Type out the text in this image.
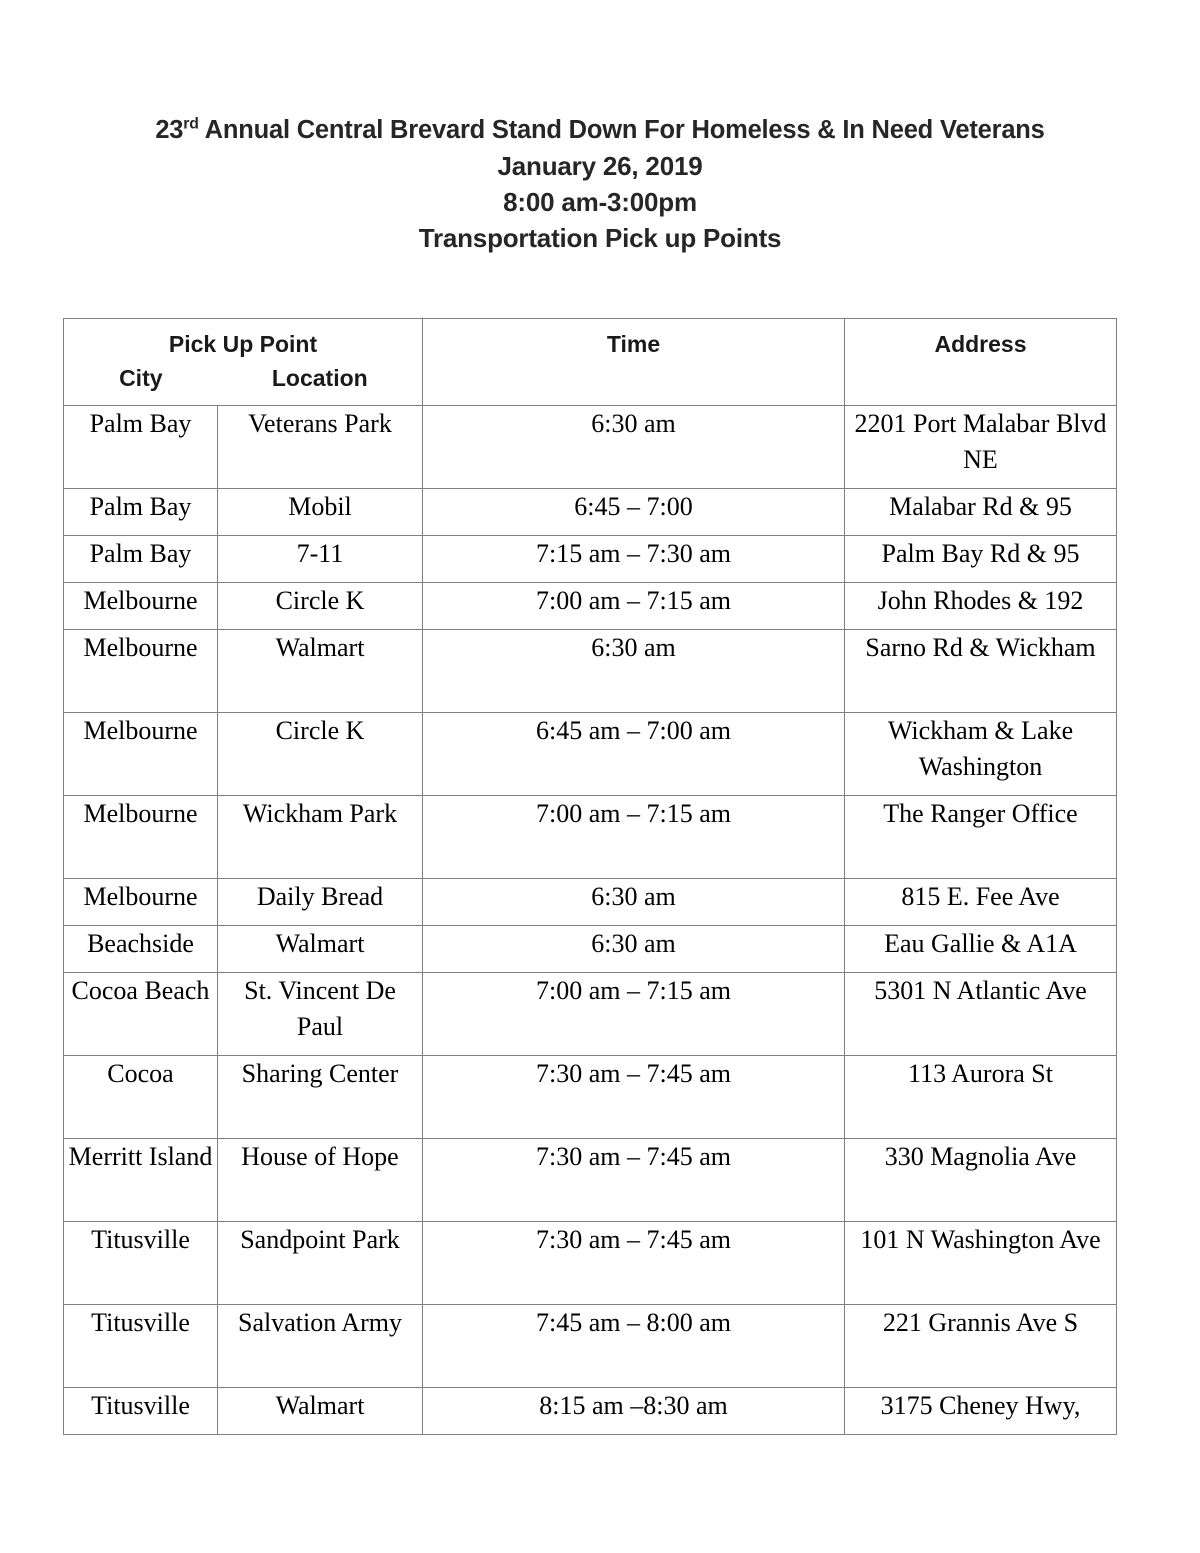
23rd Annual Central Brevard Stand Down For Homeless & In Need Veterans
January 26, 2019
8:00 am-3:00pm
Transportation Pick up Points
Pick Up Point
City Location		Time	Address
Palm Bay	Veterans Park	6:30 am	2201 Port Malabar Blvd NE
Palm Bay	Mobil	6:45 – 7:00	Malabar Rd & 95
Palm Bay	7-11	7:15 am – 7:30 am	Palm Bay Rd & 95
Melbourne	Circle K	7:00 am – 7:15 am	John Rhodes & 192
Melbourne	Walmart	6:30 am	Sarno Rd & Wickham
Melbourne	Circle K	6:45 am – 7:00 am	Wickham & Lake Washington
Melbourne	Wickham Park	7:00 am – 7:15 am	The Ranger Office
Melbourne	Daily Bread	6:30 am	815 E. Fee Ave
Beachside	Walmart	6:30 am	Eau Gallie & A1A
Cocoa Beach	St. Vincent De Paul	7:00 am – 7:15 am	5301 N Atlantic Ave
Cocoa	Sharing Center	7:30 am – 7:45 am	113 Aurora St
Merritt Island	House of Hope	7:30 am – 7:45 am	330 Magnolia Ave
Titusville	Sandpoint Park	7:30 am – 7:45 am	101 N Washington Ave
Titusville	Salvation Army	7:45 am – 8:00 am	221 Grannis Ave S
Titusville	Walmart	8:15 am –8:30 am	3175 Cheney Hwy,
